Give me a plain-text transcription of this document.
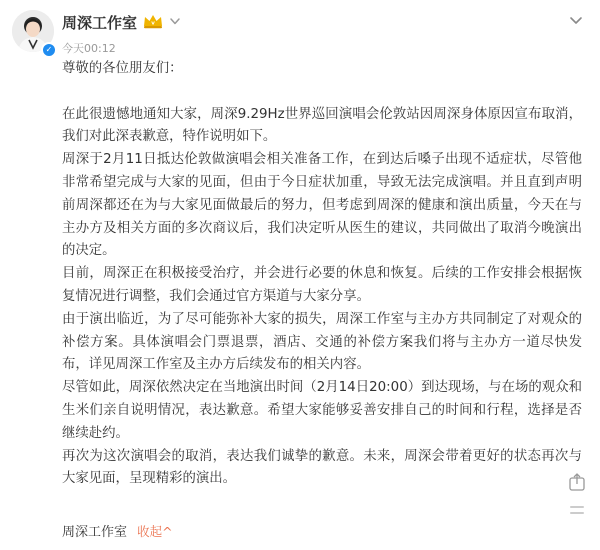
✓
周深工作室	v
今天00:12

尊敬的各位朋友们：

在此很遗憾地通知大家，周深9.29Hz世界巡回演唱会伦敦站因周深身体原因宣布取消，我们对此深表歉意，特作说明如下。

周深于2月11日抵达伦敦做演唱会相关准备工作，在到达后嗓子出现不适症状，尽管他非常希望完成与大家的见面，但由于今日症状加重，导致无法完成演唱。并且直到声明前周深都还在为与大家见面做最后的努力，但考虑到周深的健康和演出质量，今天在与主办方及相关方面的多次商议后，我们决定听从医生的建议，共同做出了取消今晚演出的决定。

目前，周深正在积极接受治疗，并会进行必要的休息和恢复。后续的工作安排会根据恢复情况进行调整，我们会通过官方渠道与大家分享。

由于演出临近，为了尽可能弥补大家的损失，周深工作室与主办方共同制定了对观众的补偿方案。具体演唱会门票退票，酒店、交通的补偿方案我们将与主办方一道尽快发布，详见周深工作室及主办方后续发布的相关内容。

尽管如此，周深依然决定在当地演出时间（2月14日20:00）到达现场，与在场的观众和生米们亲自说明情况，表达歉意。希望大家能够妥善安排自己的时间和行程，选择是否继续赴约。

再次为这次演唱会的取消，表达我们诚挚的歉意。未来，周深会带着更好的状态再次与大家见面，呈现精彩的演出。

周深工作室 收起^
